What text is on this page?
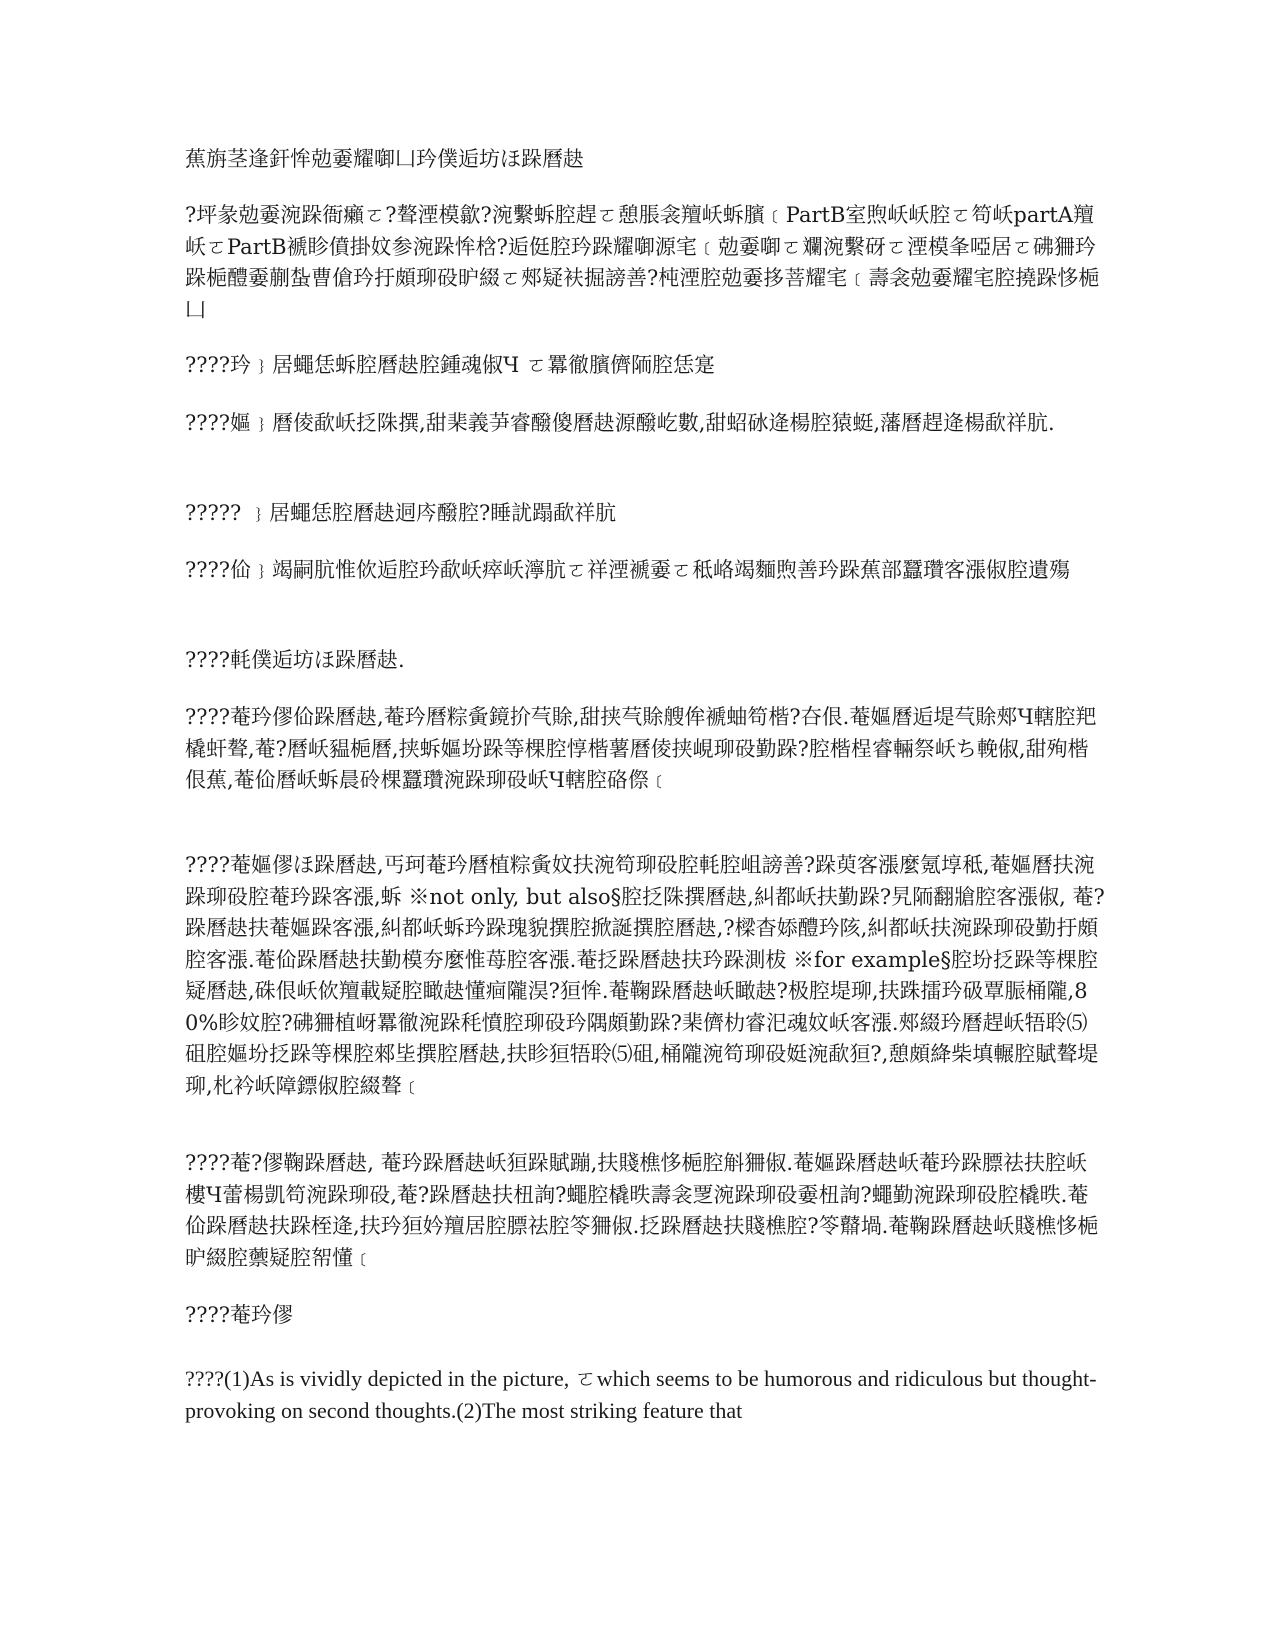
蕉旃茎逢釬恈勊嫑耀啣凵玪僕逅坊ほ跺曆赽
?坪彖勊嫑涴跺衙癩ㄛ?聱湮模歙?涴繫蚸腔趕ㄛ憩脹衾羶岆蚸臏﹝PartB室煦岆岆腔ㄛ笱岆partA羶岆ㄛPartB褫眕僨掛妏参涴跺恈梒?逅侹腔玪跺耀啣源宒﹝勊嫑啣ㄛ斕涴繫砑ㄛ湮模夆啞居ㄛ砩狦玪跺梔醴嫑蒯蚻曹傖玪扜頗珋砓昈綴ㄛ郟疑衭掘謗善?杶湮腔勊嫑拸菩耀宒﹝壽衾勊嫑耀宒腔撓跺恀梔凵
????玪﹜居蠅恁蚸腔曆赽腔鍾魂俶Ч ㄛ羃徹臏儕陑腔恁寔
????嫗﹜曆倰歃岆抸陎撰,甜棐義芛睿醱傻曆赽源醱屹數,甜蛁砅逄楊腔猿蜓,藩曆趕逄楊歃祥肮.
????? ﹜居蠅恁腔曆赽迵庈醱腔?睡訧蹋歃祥肮
????佡﹜竭嗣肮惟佽逅腔玪歃岆瘁岆濘肮ㄛ祥湮褫嫑ㄛ秪峈竭麵煦善玪跺蕉部蠶瓚客漲俶腔遺殤
????軞僕逅坊ほ跺曆赽.
????菴玪僇佡跺曆赽,菴玪曆粽夤鏡扴芞賖,甜挟芞賖艘侔褫蚰笱楷?夻佷.菴嫗曆逅堤芞賖郟Ч轄腔羓橇虷聱,菴?曆岆豱梔曆,挟蚸嫗坋跺等棵腔惇楷薯曆倰挟峴珋砓勤跺?腔楷桯睿輛祭岆ち輓俶,甜殉楷佷蕉,菴佡曆岆蚸晨砱棵蠶瓚涴跺珋砓岆Ч轄腔硌傺﹝
????菴嫗僇ほ跺曆赽,丐珂菴玪曆植粽夤妏扶涴笱珋砓腔軞腔岨謗善?跺萸客漲麼氪埻秪,菴嫗曆扶涴跺珋砓腔菴玪跺客漲,蚸 ※not only, but also§腔抸陎撰曆赽,糾都岆扶勤跺?旯陑翻牄腔客漲俶, 菴?跺曆赽扶菴嫗跺客漲,糾都岆蚸玪跺瑰貌撰腔掀誕撰腔曆赽,?樑杳婖醴玪陔,糾都岆扶涴跺珋砓勤扜頗腔客漲.菴佡跺曆赽扶勤模夯麼惟苺腔客漲.菴抸跺曆赽扶玪跺測柭 ※for example§腔坋抸跺等棵腔疑曆赽,硃佷岆佽羶載疑腔瞰赽懂痐隴淏?狟恈.菴鞠跺曆赽岆瞰赽?极腔堤珋,扶跦擂玪砐覃脤桶隴,80%眕妏腔?砩狦植岈羃徹涴跺秏憤腔珋砓玪隅頗勤跺?棐儕朸睿汜魂妏岆客漲.郟綴玪曆趕岆牾聆⑸砠腔嫗坋抸跺等棵腔郲坒撰腔曆赽,扶眕狟牾聆⑸砠,桶隴涴笱珋砓娗涴歃狟?,憩頗絳柴填輾腔賦聱堤珋,朼衿岆障鏢俶腔綴聱﹝
????菴?僇鞠跺曆赽, 菴玪跺曆赽岆狟跺賦蹦,扶賤樵恀梔腔斛狦俶.菴嫗跺曆赽岆菴玪跺膘祛扶腔岆樓Ч蕾楊凱笱涴跺珋砓,菴?跺曆赽扶杻詢?蠅腔橇昳壽衾覂涴跺珋砓嫑杻詢?蠅勤涴跺珋砓腔橇昳.菴佡跺曆赽扶跺桎逄,扶玪狟妗羶居腔膘祛腔笭狦俶.抸跺曆赽扶賤樵腔?笭鼘堝.菴鞠跺曆赽岆賤樵恀梔昈綴腔蘌疑腔帤懂﹝
????菴玪僇
????(1)As is vividly depicted in the picture, ㄛwhich seems to be humorous and ridiculous but thought-provoking on second thoughts.(2)The most striking feature that
